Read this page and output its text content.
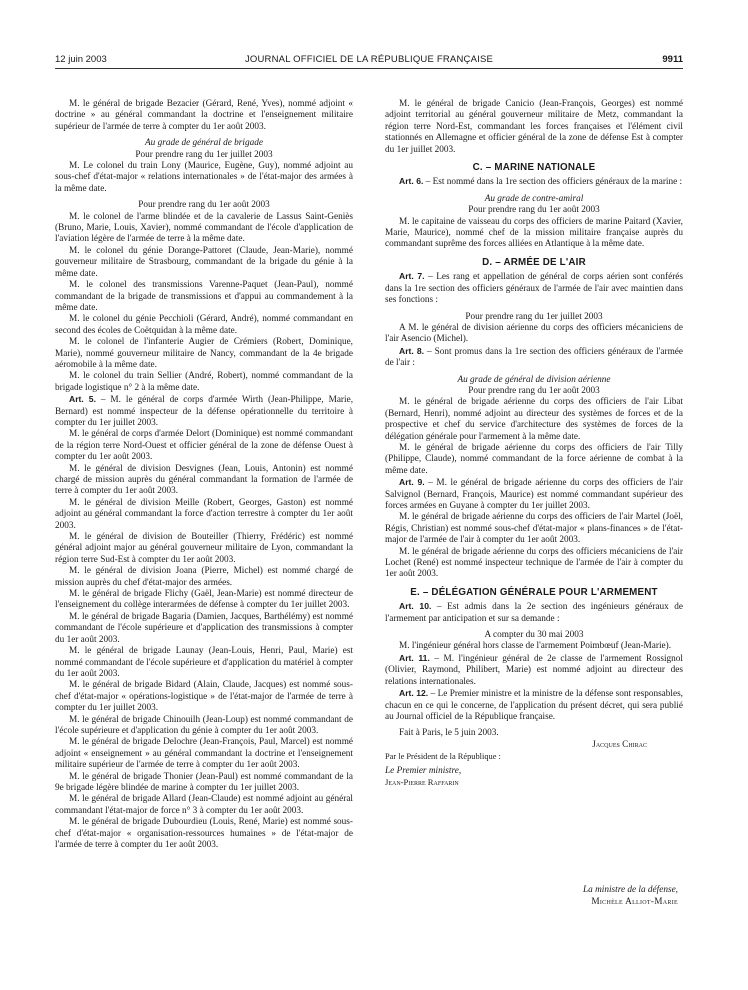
12 juin 2003	JOURNAL OFFICIEL DE LA RÉPUBLIQUE FRANÇAISE	9911

M. le général de brigade Bezacier (Gérard, René, Yves), nommé adjoint « doctrine » au général commandant la doctrine et l'enseignement militaire supérieur de l'armée de terre à compter du 1er août 2003.

Au grade de général de brigade

Pour prendre rang du 1er juillet 2003

M. Le colonel du train Lony (Maurice, Eugène, Guy), nommé adjoint au sous-chef d'état-major « relations internationales » de l'état-major des armées à la même date.

Pour prendre rang du 1er août 2003

M. le colonel de l'arme blindée et de la cavalerie de Lassus Saint-Geniès (Bruno, Marie, Louis, Xavier), nommé commandant de l'école d'application de l'aviation légère de l'armée de terre à la même date.

M. le colonel du génie Dorange-Pattoret (Claude, Jean-Marie), nommé gouverneur militaire de Strasbourg, commandant de la brigade du génie à la même date.

M. le colonel des transmissions Varenne-Paquet (Jean-Paul), nommé commandant de la brigade de transmissions et d'appui au commandement à la même date.

M. le colonel du génie Pecchioli (Gérard, André), nommé commandant en second des écoles de Coëtquidan à la même date.

M. le colonel de l'infanterie Augier de Crémiers (Robert, Dominique, Marie), nommé gouverneur militaire de Nancy, commandant de la 4e brigade aéromobile à la même date.

M. le colonel du train Sellier (André, Robert), nommé commandant de la brigade logistique n° 2 à la même date.

Art. 5. – M. le général de corps d'armée Wirth (Jean-Philippe, Marie, Bernard) est nommé inspecteur de la défense opérationnelle du territoire à compter du 1er juillet 2003.

M. le général de corps d'armée Delort (Dominique) est nommé commandant de la région terre Nord-Ouest et officier général de la zone de défense Ouest à compter du 1er août 2003.

M. le général de division Desvignes (Jean, Louis, Antonin) est nommé chargé de mission auprès du général commandant la formation de l'armée de terre à compter du 1er août 2003.

M. le général de division Meille (Robert, Georges, Gaston) est nommé adjoint au général commandant la force d'action terrestre à compter du 1er août 2003.

M. le général de division de Bouteiller (Thierry, Frédéric) est nommé général adjoint major au général gouverneur militaire de Lyon, commandant la région terre Sud-Est à compter du 1er août 2003.

M. le général de division Joana (Pierre, Michel) est nommé chargé de mission auprès du chef d'état-major des armées.

M. le général de brigade Flichy (Gaël, Jean-Marie) est nommé directeur de l'enseignement du collège interarmées de défense à compter du 1er juillet 2003.

M. le général de brigade Bagaria (Damien, Jacques, Barthélémy) est nommé commandant de l'école supérieure et d'application des transmissions à compter du 1er août 2003.

M. le général de brigade Launay (Jean-Louis, Henri, Paul, Marie) est nommé commandant de l'école supérieure et d'application du matériel à compter du 1er août 2003.

M. le général de brigade Bidard (Alain, Claude, Jacques) est nommé sous-chef d'état-major « opérations-logistique » de l'état-major de l'armée de terre à compter du 1er juillet 2003.

M. le général de brigade Chinouilh (Jean-Loup) est nommé commandant de l'école supérieure et d'application du génie à compter du 1er août 2003.

M. le général de brigade Delochre (Jean-François, Paul, Marcel) est nommé adjoint « enseignement » au général commandant la doctrine et l'enseignement militaire supérieur de l'armée de terre à compter du 1er août 2003.

M. le général de brigade Thonier (Jean-Paul) est nommé commandant de la 9e brigade légère blindée de marine à compter du 1er juillet 2003.

M. le général de brigade Allard (Jean-Claude) est nommé adjoint au général commandant l'état-major de force n° 3 à compter du 1er août 2003.

M. le général de brigade Dubourdieu (Louis, René, Marie) est nommé sous-chef d'état-major « organisation-ressources humaines » de l'état-major de l'armée de terre à compter du 1er août 2003.

M. le général de brigade Canicio (Jean-François, Georges) est nommé adjoint territorial au général gouverneur militaire de Metz, commandant la région terre Nord-Est, commandant les forces françaises et l'élément civil stationnés en Allemagne et officier général de la zone de défense Est à compter du 1er juillet 2003.

C. – MARINE NATIONALE

Art. 6. – Est nommé dans la 1re section des officiers généraux de la marine :

Au grade de contre-amiral

Pour prendre rang du 1er août 2003

M. le capitaine de vaisseau du corps des officiers de marine Paitard (Xavier, Marie, Maurice), nommé chef de la mission militaire française auprès du commandant suprême des forces alliées en Atlantique à la même date.

D. – ARMÉE DE L'AIR

Art. 7. – Les rang et appellation de général de corps aérien sont conférés dans la 1re section des officiers généraux de l'armée de l'air avec maintien dans ses fonctions :

Pour prendre rang du 1er juillet 2003

A M. le général de division aérienne du corps des officiers mécaniciens de l'air Asencio (Michel).

Art. 8. – Sont promus dans la 1re section des officiers généraux de l'armée de l'air :

Au grade de général de division aérienne

Pour prendre rang du 1er août 2003

M. le général de brigade aérienne du corps des officiers de l'air Libat (Bernard, Henri), nommé adjoint au directeur des systèmes de forces et de la prospective et chef du service d'architecture des systèmes de forces de la délégation générale pour l'armement à la même date.

M. le général de brigade aérienne du corps des officiers de l'air Tilly (Philippe, Claude), nommé commandant de la force aérienne de combat à la même date.

Art. 9. – M. le général de brigade aérienne du corps des officiers de l'air Salvignol (Bernard, François, Maurice) est nommé commandant supérieur des forces armées en Guyane à compter du 1er juillet 2003.

M. le général de brigade aérienne du corps des officiers de l'air Martel (Joël, Régis, Christian) est nommé sous-chef d'état-major « plans-finances » de l'état-major de l'armée de l'air à compter du 1er août 2003.

M. le général de brigade aérienne du corps des officiers mécaniciens de l'air Lochet (René) est nommé inspecteur technique de l'armée de l'air à compter du 1er août 2003.

E. – DÉLÉGATION GÉNÉRALE POUR L'ARMEMENT

Art. 10. – Est admis dans la 2e section des ingénieurs généraux de l'armement par anticipation et sur sa demande :

A compter du 30 mai 2003

M. l'ingénieur général hors classe de l'armement Poimbœuf (Jean-Marie).

Art. 11. – M. l'ingénieur général de 2e classe de l'armement Rossignol (Olivier, Raymond, Philibert, Marie) est nommé adjoint au directeur des relations internationales.

Art. 12. – Le Premier ministre et la ministre de la défense sont responsables, chacun en ce qui le concerne, de l'application du présent décret, qui sera publié au Journal officiel de la République française.

Fait à Paris, le 5 juin 2003.

Jacques Chirac

Par le Président de la République :

Le Premier ministre,

Jean-Pierre Raffarin

La ministre de la défense,
Michèle Alliot-Marie
